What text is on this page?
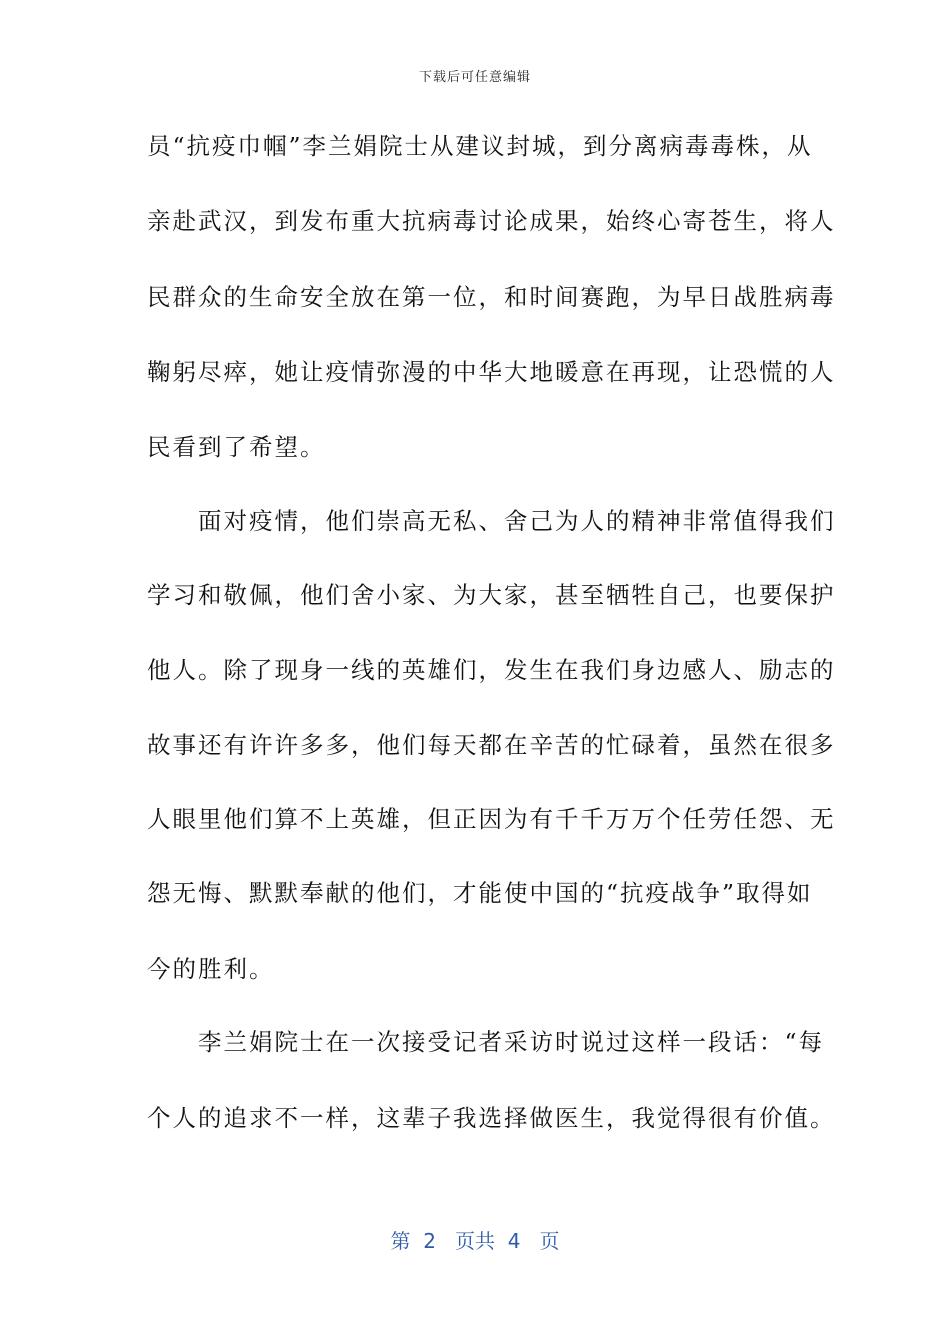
下载后可任意编辑
员“抗疫巾帼”李兰娟院士从建议封城，到分离病毒毒株，从
亲赴武汉，到发布重大抗病毒讨论成果，始终心寄苍生，将人
民群众的生命安全放在第一位，和时间赛跑，为早日战胜病毒
鞠躬尽瘁，她让疫情弥漫的中华大地暖意在再现，让恐慌的人
民看到了希望。
　　面对疫情，他们崇高无私、舍己为人的精神非常值得我们
学习和敬佩，他们舍小家、为大家，甚至牺牲自己，也要保护
他人。除了现身一线的英雄们，发生在我们身边感人、励志的
故事还有许许多多，他们每天都在辛苦的忙碌着，虽然在很多
人眼里他们算不上英雄，但正因为有千千万万个任劳任怨、无
怨无悔、默默奉献的他们，才能使中国的“抗疫战争”取得如
今的胜利。
　　李兰娟院士在一次接受记者采访时说过这样一段话：“每
个人的追求不一样，这辈子我选择做医生，我觉得很有价值。
第  2   页共  4   页
